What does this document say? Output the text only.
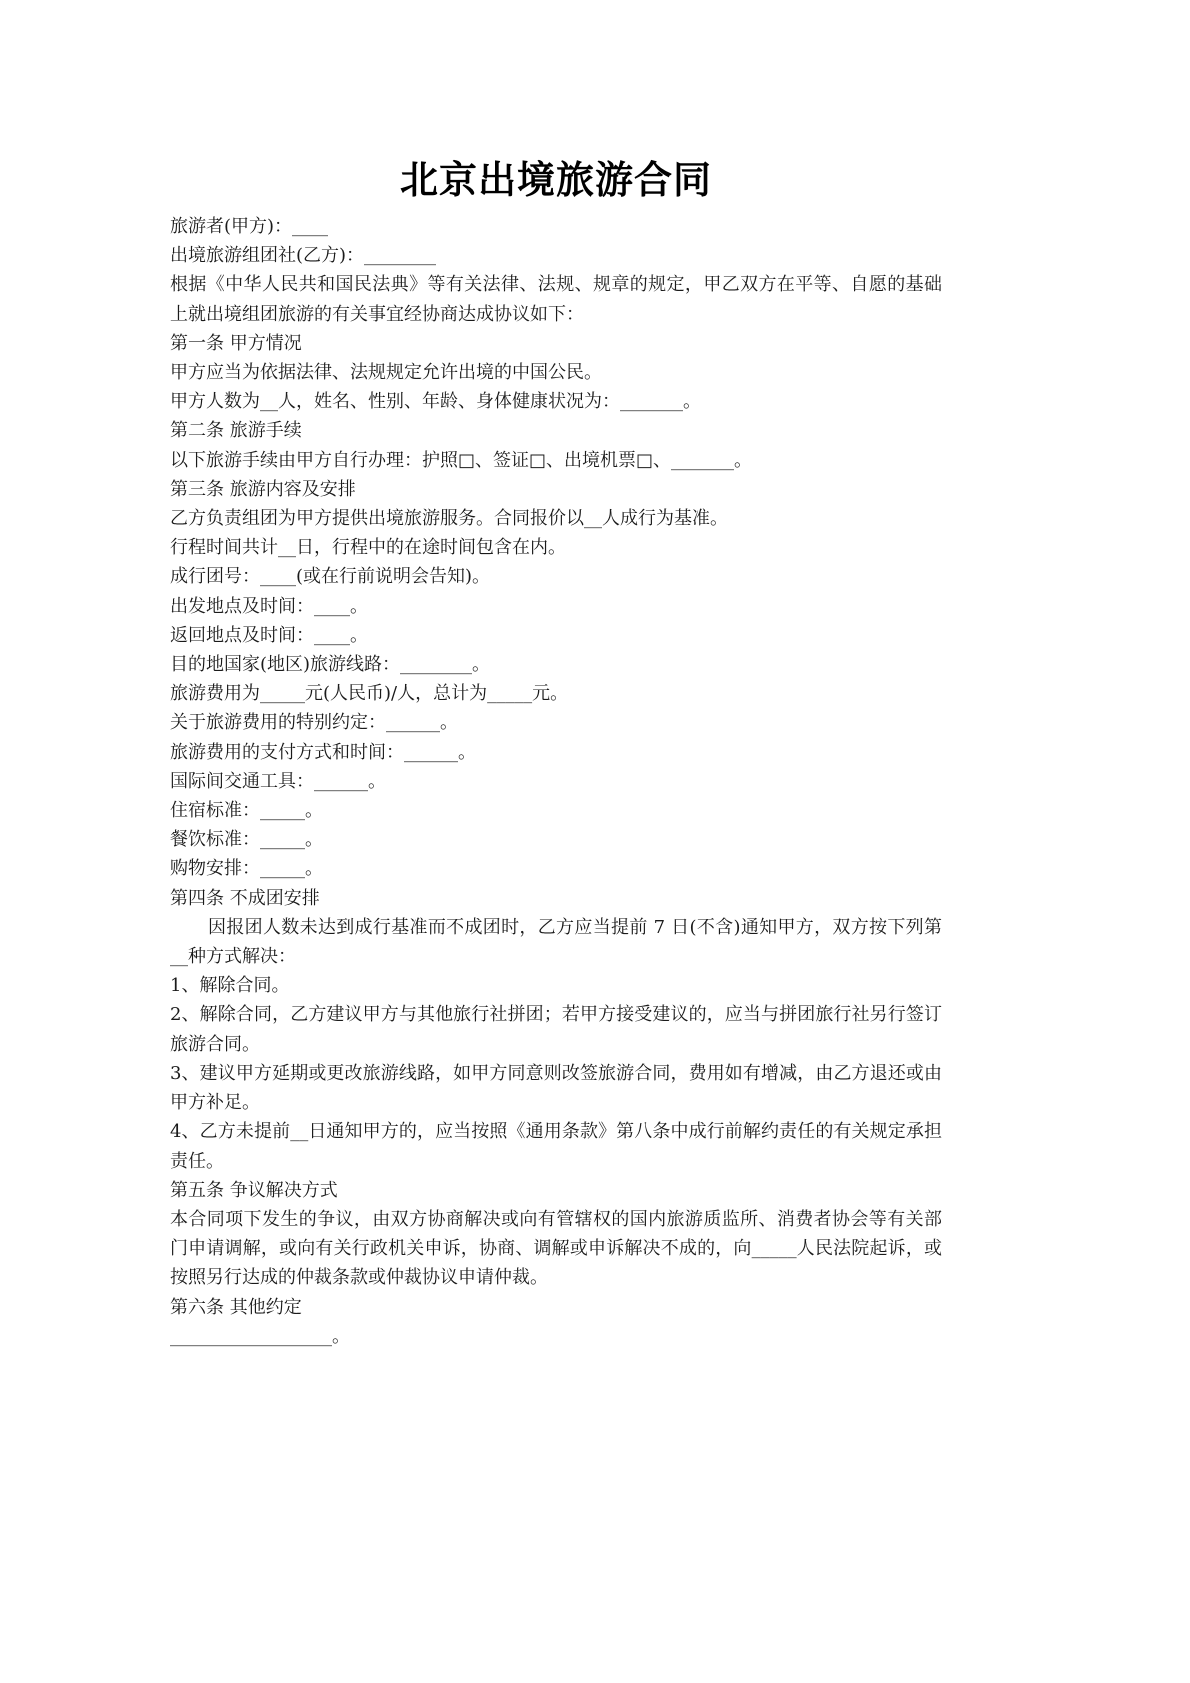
北京出境旅游合同

旅游者(甲方)：____

出境旅游组团社(乙方)：________

根据《中华人民共和国民法典》等有关法律、法规、规章的规定，甲乙双方在平等、自愿的基础上就出境组团旅游的有关事宜经协商达成协议如下：

第一条 甲方情况

甲方应当为依据法律、法规规定允许出境的中国公民。

甲方人数为__人，姓名、性别、年龄、身体健康状况为：_______。

第二条 旅游手续

以下旅游手续由甲方自行办理：护照□、签证□、出境机票□、_______。

第三条 旅游内容及安排

乙方负责组团为甲方提供出境旅游服务。合同报价以__人成行为基准。

行程时间共计__日，行程中的在途时间包含在内。

成行团号：____(或在行前说明会告知)。

出发地点及时间：____。

返回地点及时间：____。

目的地国家(地区)旅游线路：________。

旅游费用为_____元(人民币)/人，总计为_____元。

关于旅游费用的特别约定：______。

旅游费用的支付方式和时间：______。

国际间交通工具：______。

住宿标准：_____。

餐饮标准：_____。

购物安排：_____。

第四条 不成团安排

因报团人数未达到成行基准而不成团时，乙方应当提前 7 日(不含)通知甲方，双方按下列第__种方式解决：

1、解除合同。

2、解除合同，乙方建议甲方与其他旅行社拼团；若甲方接受建议的，应当与拼团旅行社另行签订旅游合同。

3、建议甲方延期或更改旅游线路，如甲方同意则改签旅游合同，费用如有增减，由乙方退还或由甲方补足。

4、乙方未提前__日通知甲方的，应当按照《通用条款》第八条中成行前解约责任的有关规定承担责任。

第五条 争议解决方式

本合同项下发生的争议，由双方协商解决或向有管辖权的国内旅游质监所、消费者协会等有关部门申请调解，或向有关行政机关申诉，协商、调解或申诉解决不成的，向_____人民法院起诉，或按照另行达成的仲裁条款或仲裁协议申请仲裁。

第六条 其他约定

__________________。
